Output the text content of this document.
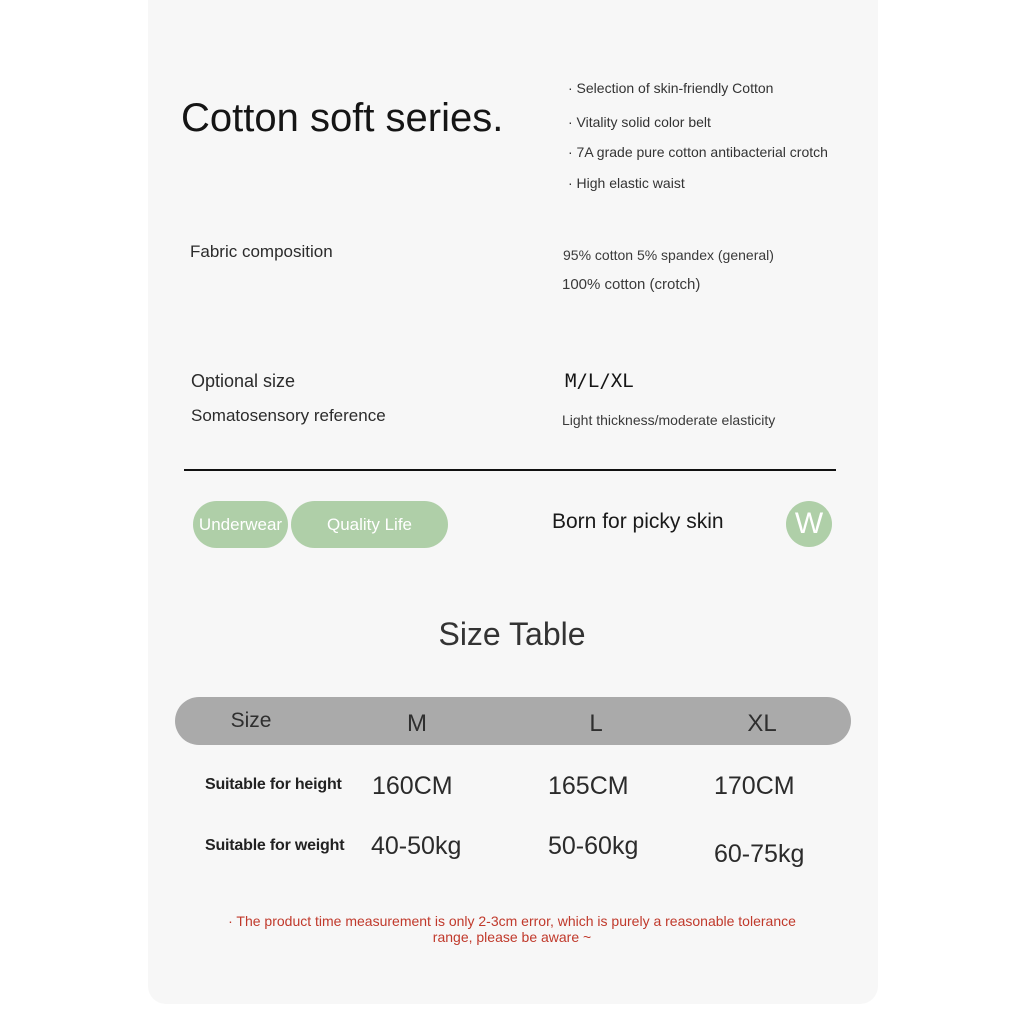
Cotton soft series.
· Selection of skin-friendly Cotton
· Vitality solid color belt
· 7A grade pure cotton antibacterial crotch
· High elastic waist
Fabric composition	95% cotton 5% spandex (general)
100% cotton (crotch)
Optional size	M/L/XL
Somatosensory reference	Light thickness/moderate elasticity
Underwear	Quality Life	Born for picky skin W
Size Table
Size	M	L	XL
Suitable for height 160CM	165CM	170CM
Suitable for weight 40-50kg	50-60kg	60-75kg
· The product time measurement is only 2-3cm error, which is purely a reasonable tolerance
range, please be aware ~
